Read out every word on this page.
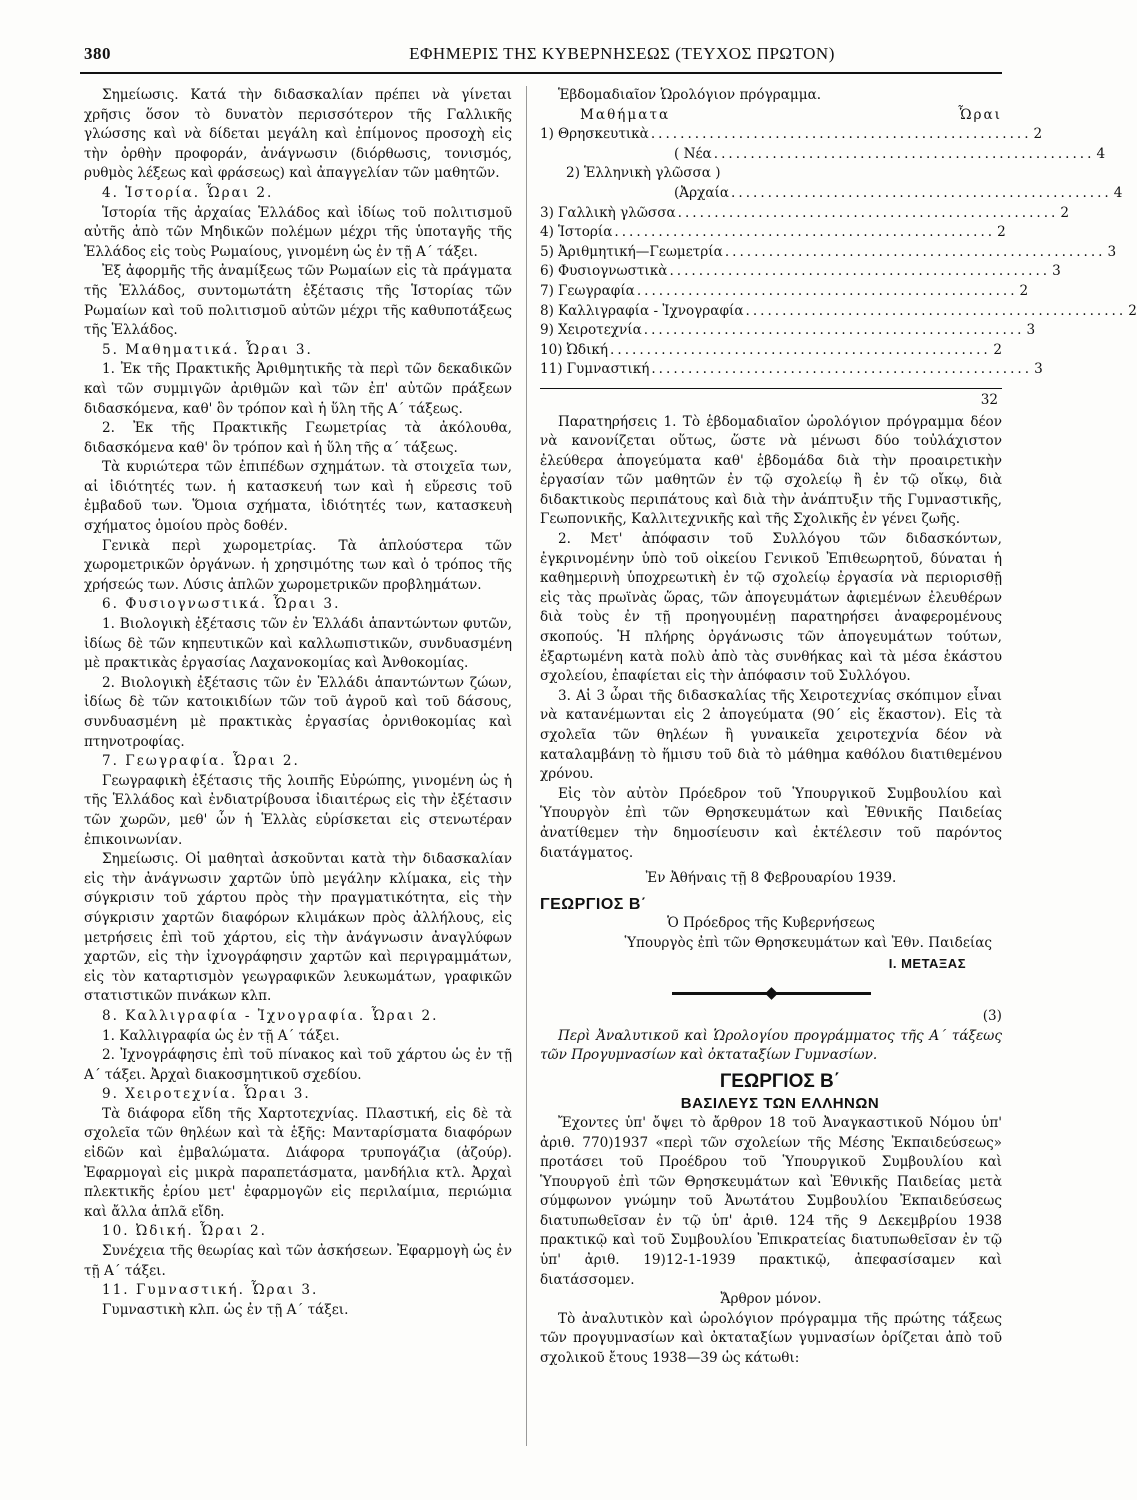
380	ΕΦΗΜΕΡΙΣ ΤΗΣ ΚΥΒΕΡΝΗΣΕΩΣ (ΤΕΥΧΟΣ ΠΡΩΤΟΝ)

Σημείωσις. Κατά τὴν διδασκαλίαν πρέπει νὰ γίνεται χρῆσις ὅσον τὸ δυνατὸν περισσότερον τῆς Γαλλικῆς γλώσσης καὶ νὰ δίδεται μεγάλη καὶ ἐπίμονος προσοχὴ εἰς τὴν ὀρθὴν προφοράν, ἀνάγνωσιν (διόρθωσις, τονισμός, ρυθμὸς λέξεως καὶ φράσεως) καὶ ἀπαγγελίαν τῶν μαθητῶν.

4. Ἱστορία. Ὧραι 2.

Ἱστορία τῆς ἀρχαίας Ἑλλάδος καὶ ἰδίως τοῦ πολιτισμοῦ αὐτῆς ἀπὸ τῶν Μηδικῶν πολέμων μέχρι τῆς ὑποταγῆς τῆς Ἑλλάδος εἰς τοὺς Ρωμαίους, γινομένη ὡς ἐν τῇ Α΄ τάξει.

Ἐξ ἀφορμῆς τῆς ἀναμίξεως τῶν Ρωμαίων εἰς τὰ πράγματα τῆς Ἑλλάδος, συντομωτάτη ἐξέτασις τῆς Ἱστορίας τῶν Ρωμαίων καὶ τοῦ πολιτισμοῦ αὐτῶν μέχρι τῆς καθυποτάξεως τῆς Ἑλλάδος.

5. Μαθηματικά. Ὧραι 3.

1. Ἐκ τῆς Πρακτικῆς Ἀριθμητικῆς τὰ περὶ τῶν δεκαδικῶν καὶ τῶν συμμιγῶν ἀριθμῶν καὶ τῶν ἐπ' αὐτῶν πράξεων διδασκόμενα, καθ' ὃν τρόπον καὶ ἡ ὕλη τῆς Α΄ τάξεως.

2. Ἐκ τῆς Πρακτικῆς Γεωμετρίας τὰ ἀκόλουθα, διδασκόμενα καθ' ὃν τρόπον καὶ ἡ ὕλη τῆς α΄ τάξεως.

Τὰ κυριώτερα τῶν ἐπιπέδων σχημάτων. τὰ στοιχεῖα των, αἱ ἰδιότητές των. ἡ κατασκευή των καὶ ἡ εὕρεσις τοῦ ἐμβαδοῦ των. Ὅμοια σχήματα, ἰδιότητές των, κατασκευὴ σχήματος ὁμοίου πρὸς δοθέν.

Γενικὰ περὶ χωρομετρίας. Τὰ ἁπλούστερα τῶν χωρομετρικῶν ὀργάνων. ἡ χρησιμότης των καὶ ὁ τρόπος τῆς χρήσεώς των. Λύσις ἁπλῶν χωρομετρικῶν προβλημάτων.

6. Φυσιογνωστικά. Ὧραι 3.

1. Βιολογικὴ ἐξέτασις τῶν ἐν Ἑλλάδι ἁπαντώντων φυτῶν, ἰδίως δὲ τῶν κηπευτικῶν καὶ καλλωπιστικῶν, συνδυασμένη μὲ πρακτικὰς ἐργασίας Λαχανοκομίας καὶ Ἀνθοκομίας.

2. Βιολογικὴ ἐξέτασις τῶν ἐν Ἑλλάδι ἁπαντώντων ζώων, ἰδίως δὲ τῶν κατοικιδίων τῶν τοῦ ἀγροῦ καὶ τοῦ δάσους, συνδυασμένη μὲ πρακτικὰς ἐργασίας ὀρνιθοκομίας καὶ πτηνοτροφίας.

7. Γεωγραφία. Ὧραι 2.

Γεωγραφικὴ ἐξέτασις τῆς λοιπῆς Εὐρώπης, γινομένη ὡς ἡ τῆς Ἑλλάδος καὶ ἐνδιατρίβουσα ἰδιαιτέρως εἰς τὴν ἐξέτασιν τῶν χωρῶν, μεθ' ὧν ἡ Ἑλλὰς εὑρίσκεται εἰς στενωτέραν ἐπικοινωνίαν.

Σημείωσις. Οἱ μαθηταὶ ἀσκοῦνται κατὰ τὴν διδασκαλίαν εἰς τὴν ἀνάγνωσιν χαρτῶν ὑπὸ μεγάλην κλίμακα, εἰς τὴν σύγκρισιν τοῦ χάρτου πρὸς τὴν πραγματικότητα, εἰς τὴν σύγκρισιν χαρτῶν διαφόρων κλιμάκων πρὸς ἀλλήλους, εἰς μετρήσεις ἐπὶ τοῦ χάρτου, εἰς τὴν ἀνάγνωσιν ἀναγλύφων χαρτῶν, εἰς τὴν ἰχνογράφησιν χαρτῶν καὶ περιγραμμάτων, εἰς τὸν καταρτισμὸν γεωγραφικῶν λευκωμάτων, γραφικῶν στατιστικῶν πινάκων κλπ.

8. Καλλιγραφία - Ἰχνογραφία. Ὧραι 2.

1. Καλλιγραφία ὡς ἐν τῇ Α΄ τάξει.

2. Ἰχνογράφησις ἐπὶ τοῦ πίνακος καὶ τοῦ χάρτου ὡς ἐν τῇ Α΄ τάξει. Ἀρχαὶ διακοσμητικοῦ σχεδίου.

9. Χειροτεχνία. Ὧραι 3.

Τὰ διάφορα εἴδη τῆς Χαρτοτεχνίας. Πλαστική, εἰς δὲ τὰ σχολεῖα τῶν θηλέων καὶ τὰ ἑξῆς: Μανταρίσματα διαφόρων εἰδῶν καὶ ἐμβαλώματα. Διάφορα τρυπογάζια (ἀζούρ). Ἐφαρμογαὶ εἰς μικρὰ παραπετάσματα, μανδήλια κτλ. Ἀρχαὶ πλεκτικῆς ἐρίου μετ' ἐφαρμογῶν εἰς περιλαίμια, περιώμια καὶ ἄλλα ἁπλᾶ εἴδη.

10. Ὠδική. Ὧραι 2.

Συνέχεια τῆς θεωρίας καὶ τῶν ἀσκήσεων. Ἐφαρμογὴ ὡς ἐν τῇ Α΄ τάξει.

11. Γυμναστική. Ὧραι 3.

Γυμναστικὴ κλπ. ὡς ἐν τῇ Α΄ τάξει.

Ἑβδομαδιαῖον Ὡρολόγιον πρόγραμμα.

Μαθήματα	Ὧραι
1) Θρησκευτικὰ .................................................... 2
( Νέα .................................................... 4
2) Ἑλληνικὴ γλῶσσα )
(Ἀρχαία .................................................... 4
3) Γαλλικὴ γλῶσσα .................................................... 2
4) Ἱστορία .................................................... 2
5) Ἀριθμητική—Γεωμετρία .................................................... 3
6) Φυσιογνωστικὰ .................................................... 3
7) Γεωγραφία .................................................... 2
8) Καλλιγραφία - Ἰχνογραφία .................................................... 2
9) Χειροτεχνία .................................................... 3
10) Ὠδική .................................................... 2
11) Γυμναστική .................................................... 3
32

Παρατηρήσεις 1. Τὸ ἑβδομαδιαῖον ὡρολόγιον πρόγραμμα δέον νὰ κανονίζεται οὕτως, ὥστε νὰ μένωσι δύο τοὐλάχιστον ἐλεύθερα ἀπογεύματα καθ' ἑβδομάδα διὰ τὴν προαιρετικὴν ἐργασίαν τῶν μαθητῶν ἐν τῷ σχολείῳ ἢ ἐν τῷ οἴκῳ, διὰ διδακτικοὺς περιπάτους καὶ διὰ τὴν ἀνάπτυξιν τῆς Γυμναστικῆς, Γεωπονικῆς, Καλλιτεχνικῆς καὶ τῆς Σχολικῆς ἐν γένει ζωῆς.

2. Μετ' ἀπόφασιν τοῦ Συλλόγου τῶν διδασκόντων, ἐγκρινομένην ὑπὸ τοῦ οἰκείου Γενικοῦ Ἐπιθεωρητοῦ, δύναται ἡ καθημερινὴ ὑποχρεωτικὴ ἐν τῷ σχολείῳ ἐργασία νὰ περιορισθῇ εἰς τὰς πρωϊνὰς ὥρας, τῶν ἀπογευμάτων ἀφιεμένων ἐλευθέρων διὰ τοὺς ἐν τῇ προηγουμένῃ παρατηρήσει ἀναφερομένους σκοπούς. Ἡ πλήρης ὀργάνωσις τῶν ἀπογευμάτων τούτων, ἐξαρτωμένη κατὰ πολὺ ἀπὸ τὰς συνθήκας καὶ τὰ μέσα ἑκάστου σχολείου, ἐπαφίεται εἰς τὴν ἀπόφασιν τοῦ Συλλόγου.

3. Αἱ 3 ὧραι τῆς διδασκαλίας τῆς Χειροτεχνίας σκόπιμον εἶναι νὰ κατανέμωνται εἰς 2 ἀπογεύματα (90΄ εἰς ἕκαστον). Εἰς τὰ σχολεῖα τῶν θηλέων ἢ γυναικεῖα χειροτεχνία δέον νὰ καταλαμβάνῃ τὸ ἥμισυ τοῦ διὰ τὸ μάθημα καθόλου διατιθεμένου χρόνου.

Εἰς τὸν αὐτὸν Πρόεδρον τοῦ Ὑπουργικοῦ Συμβουλίου καὶ Ὑπουργὸν ἐπὶ τῶν Θρησκευμάτων καὶ Ἐθνικῆς Παιδείας ἀνατίθεμεν τὴν δημοσίευσιν καὶ ἐκτέλεσιν τοῦ παρόντος διατάγματος.

Ἐν Ἀθήναις τῇ 8 Φεβρουαρίου 1939.

ΓΕΩΡΓΙΟΣ Β΄

Ὁ Πρόεδρος τῆς Κυβερνήσεως

Ὑπουργὸς ἐπὶ τῶν Θρησκευμάτων καὶ Ἐθν. Παιδείας

Ι. ΜΕΤΑΞΑΣ

(3)

Περὶ Ἀναλυτικοῦ καὶ Ὡρολογίου προγράμματος τῆς Α΄ τάξεως τῶν Προγυμνασίων καὶ ὀκταταξίων Γυμνασίων.

ΓΕΩΡΓΙΟΣ Β΄

ΒΑΣΙΛΕΥΣ ΤΩΝ ΕΛΛΗΝΩΝ

Ἔχοντες ὑπ' ὄψει τὸ ἄρθρον 18 τοῦ Ἀναγκαστικοῦ Νόμου ὑπ' ἀριθ. 770)1937 «περὶ τῶν σχολείων τῆς Μέσης Ἐκπαιδεύσεως» προτάσει τοῦ Προέδρου τοῦ Ὑπουργικοῦ Συμβουλίου καὶ Ὑπουργοῦ ἐπὶ τῶν Θρησκευμάτων καὶ Ἐθνικῆς Παιδείας μετὰ σύμφωνον γνώμην τοῦ Ἀνωτάτου Συμβουλίου Ἐκπαιδεύσεως διατυπωθεῖσαν ἐν τῷ ὑπ' ἀριθ. 124 τῆς 9 Δεκεμβρίου 1938 πρακτικῷ καὶ τοῦ Συμβουλίου Ἐπικρατείας διατυπωθεῖσαν ἐν τῷ ὑπ' ἀριθ. 19)12-1-1939 πρακτικῷ, ἀπεφασίσαμεν καὶ διατάσσομεν.

Ἄρθρον μόνον.

Τὸ ἀναλυτικὸν καὶ ὡρολόγιον πρόγραμμα τῆς πρώτης τάξεως τῶν προγυμνασίων καὶ ὀκταταξίων γυμνασίων ὁρίζεται ἀπὸ τοῦ σχολικοῦ ἔτους 1938—39 ὡς κάτωθι:
